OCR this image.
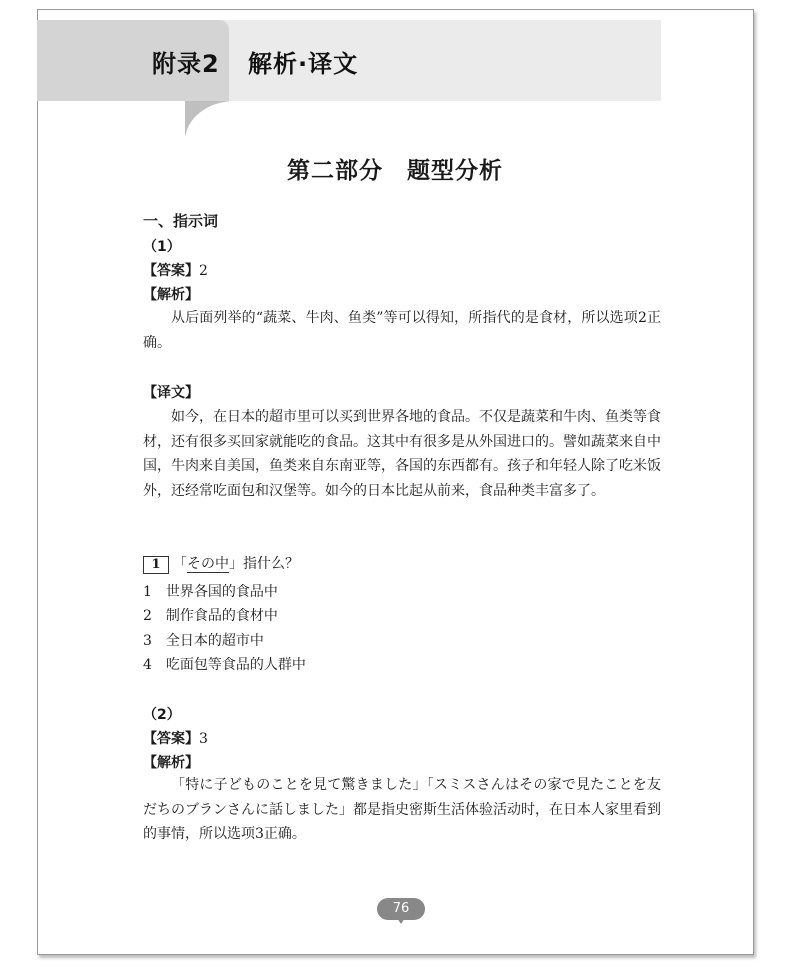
附录2 解析·译文
第二部分　题型分析
一、指示词
（1）
【答案】2
【解析】
从后面列举的“蔬菜、牛肉、鱼类”等可以得知，所指代的是食材，所以选项2正确。
【译文】
如今，在日本的超市里可以买到世界各地的食品。不仅是蔬菜和牛肉、鱼类等食材，还有很多买回家就能吃的食品。这其中有很多是从外国进口的。譬如蔬菜来自中国，牛肉来自美国，鱼类来自东南亚等，各国的东西都有。孩子和年轻人除了吃米饭外，还经常吃面包和汉堡等。如今的日本比起从前来，食品种类丰富多了。
1 「その中」指什么？
1　世界各国的食品中
2　制作食品的食材中
3　全日本的超市中
4　吃面包等食品的人群中
（2）
【答案】3
【解析】
「特に子どものことを見て驚きました」「スミスさんはその家で見たことを友だちのブランさんに話しました」都是指史密斯生活体验活动时，在日本人家里看到的事情，所以选项3正确。
76
